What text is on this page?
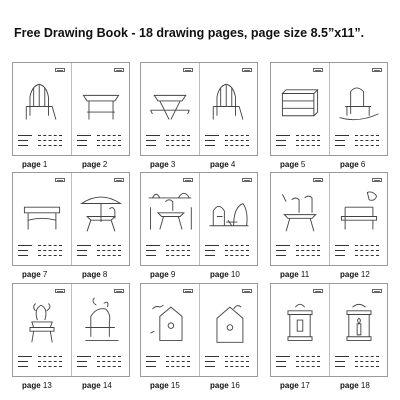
Free Drawing Book - 18 drawing pages, page size 8.5”x11”.
page 1	page 2	page 3	page 4	page 5	page 6
page 7	page 8	page 9	page 10	page 11	page 12
page 13	page 14	page 15	page 16	page 17	page 18
